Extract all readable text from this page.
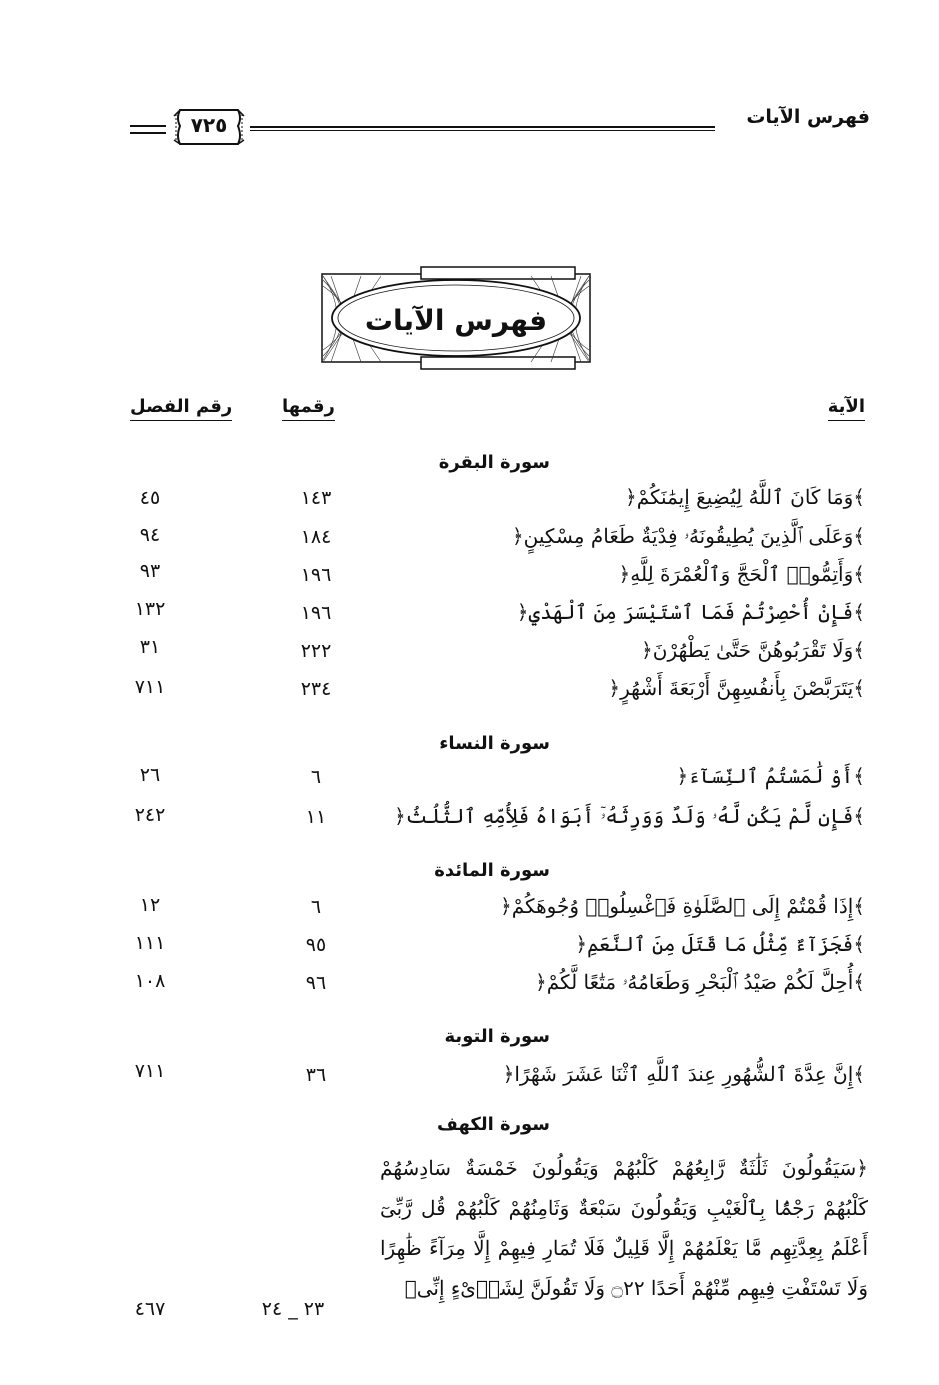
فهرس الآيات
٧٢٥
فهرس الآيات
الآية
رقمها
رقم الفصل
سورة البقرة
﴿وَمَا كَانَ ٱللَّهُ لِيُضِيعَ إِيمَٰنَكُمْ﴾
١٤٣
٤٥
﴿وَعَلَى ٱلَّذِينَ يُطِيقُونَهُۥ فِدْيَةٌ طَعَامُ مِسْكِينٍ﴾
١٨٤
٩٤
﴿وَأَتِمُّوا۟ ٱلْحَجَّ وَٱلْعُمْرَةَ لِلَّهِ﴾
١٩٦
٩٣
﴿فَإِنْ أُحْصِرْتُمْ فَمَا ٱسْتَيْسَرَ مِنَ ٱلْهَدْيِ﴾
١٩٦
١٣٢
﴿وَلَا تَقْرَبُوهُنَّ حَتَّىٰ يَطْهُرْنَ﴾
٢٢٢
٣١
﴿يَتَرَبَّصْنَ بِأَنفُسِهِنَّ أَرْبَعَةَ أَشْهُرٍ﴾
٢٣٤
٧١١
سورة النساء
﴿أَوْ لَٰمَسْتُمُ ٱلنِّسَآءَ﴾
٦
٢٦
﴿فَإِن لَّمْ يَكُن لَّهُۥ وَلَدٌ وَوَرِثَهُۥٓ أَبَوَاهُ فَلِأُمِّهِ ٱلثُّلُثُ﴾
١١
٢٤٢
سورة المائدة
﴿إِذَا قُمْتُمْ إِلَى ٱلصَّلَوٰةِ فَٱغْسِلُوا۟ وُجُوهَكُمْ﴾
٦
١٢
﴿فَجَزَآءٌ مِّثْلُ مَا قَتَلَ مِنَ ٱلنَّعَمِ﴾
٩٥
١١١
﴿أُحِلَّ لَكُمْ صَيْدُ ٱلْبَحْرِ وَطَعَامُهُۥ مَتَٰعًا لَّكُمْ﴾
٩٦
١٠٨
سورة التوبة
﴿إِنَّ عِدَّةَ ٱلشُّهُورِ عِندَ ٱللَّهِ ٱثْنَا عَشَرَ شَهْرًا﴾
٣٦
٧١١
سورة الكهف
﴿سَيَقُولُونَ ثَلَٰثَةٌ رَّابِعُهُمْ كَلْبُهُمْ وَيَقُولُونَ خَمْسَةٌ سَادِسُهُمْ كَلْبُهُمْ رَجْمًۢا بِٱلْغَيْبِ وَيَقُولُونَ سَبْعَةٌ وَثَامِنُهُمْ كَلْبُهُمْ قُل رَّبِّىٓ أَعْلَمُ بِعِدَّتِهِم مَّا يَعْلَمُهُمْ إِلَّا قَلِيلٌ فَلَا تُمَارِ فِيهِمْ إِلَّا مِرَآءً ظَٰهِرًا وَلَا تَسْتَفْتِ فِيهِم مِّنْهُمْ أَحَدًا ۝٢٢ وَلَا تَقُولَنَّ لِشَا۟ىْءٍ إِنِّى﴾
٢٣ _ ٢٤
٤٦٧
